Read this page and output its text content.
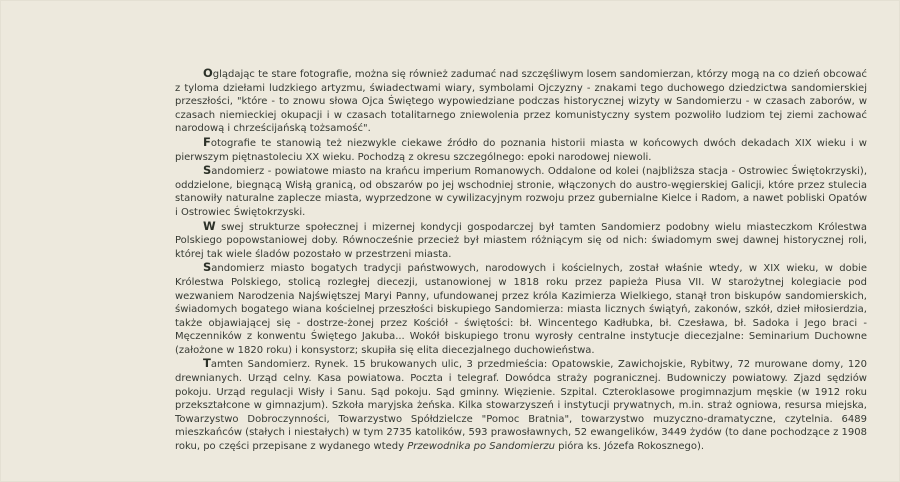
Oglądając te stare fotografie, można się również zadumać nad szczęśliwym losem sandomierzan, którzy mogą na co dzień obcować z tyloma dziełami ludzkiego artyzmu, świadectwami wiary, symbolami Ojczyzny - znakami tego duchowego dziedzictwa sandomierskiej przeszłości, "które - to znowu słowa Ojca Świętego wypowiedziane podczas historycznej wizyty w Sandomierzu - w czasach zaborów, w czasach niemieckiej okupacji i w czasach totalitarnego zniewolenia przez komunistyczny system pozwoliło ludziom tej ziemi zachować narodową i chrześcijańską tożsamość".

Fotografie te stanowią też niezwykle ciekawe źródło do poznania historii miasta w końcowych dwóch dekadach XIX wieku i w pierwszym piętnastoleciu XX wieku. Pochodzą z okresu szczególnego: epoki narodowej niewoli.

Sandomierz - powiatowe miasto na krańcu imperium Romanowych. Oddalone od kolei (najbliższa stacja - Ostrowiec Świętokrzyski), oddzielone, biegnącą Wisłą granicą, od obszarów po jej wschodniej stronie, włączonych do austro-węgierskiej Galicji, które przez stulecia stanowiły naturalne zaplecze miasta, wyprzedzone w cywilizacyjnym rozwoju przez gubernialne Kielce i Radom, a nawet pobliski Opatów i Ostrowiec Świętokrzyski.

W swej strukturze społecznej i mizernej kondycji gospodarczej był tamten Sandomierz podobny wielu miasteczkom Królestwa Polskiego popowstaniowej doby. Równocześnie przecież był miastem różniącym się od nich: świadomym swej dawnej historycznej roli, której tak wiele śladów pozostało w przestrzeni miasta.

Sandomierz miasto bogatych tradycji państwowych, narodowych i kościelnych, został właśnie wtedy, w XIX wieku, w dobie Królestwa Polskiego, stolicą rozległej diecezji, ustanowionej w 1818 roku przez papieża Piusa VII. W starożytnej kolegiacie pod wezwaniem Narodzenia Najświętszej Maryi Panny, ufundowanej przez króla Kazimierza Wielkiego, stanął tron biskupów sandomierskich, świadomych bogatego wiana kościelnej przeszłości biskupiego Sandomierza: miasta licznych świątyń, zakonów, szkół, dzieł miłosierdzia, także objawiającej się - dostrze-żonej przez Kościół - świętości: bł. Wincentego Kadłubka, bł. Czesława, bł. Sadoka i Jego braci - Męczenników z konwentu Świętego Jakuba... Wokół biskupiego tronu wyrosły centralne instytucje diecezjalne: Seminarium Duchowne (założone w 1820 roku) i konsystorz; skupiła się elita diecezjalnego duchowieństwa.

Tamten Sandomierz. Rynek. 15 brukowanych ulic, 3 przedmieścia: Opatowskie, Zawichojskie, Rybitwy, 72 murowane domy, 120 drewnianych. Urząd celny. Kasa powiatowa. Poczta i telegraf. Dowódca straży pogranicznej. Budowniczy powiatowy. Zjazd sędziów pokoju. Urząd regulacji Wisły i Sanu. Sąd pokoju. Sąd gminny. Więzienie. Szpital. Czteroklasowe progimnazjum męskie (w 1912 roku przekształcone w gimnazjum). Szkoła maryjska żeńska. Kilka stowarzyszeń i instytucji prywatnych, m.in. straż ogniowa, resursa miejska, Towarzystwo Dobroczynności, Towarzystwo Spółdzielcze "Pomoc Bratnia", towarzystwo muzyczno-dramatyczne, czytelnia. 6489 mieszkańców (stałych i niestałych) w tym 2735 katolików, 593 prawosławnych, 52 ewangelików, 3449 żydów (to dane pochodzące z 1908 roku, po części przepisane z wydanego wtedy Przewodnika po Sandomierzu pióra ks. Józefa Rokosznego).
